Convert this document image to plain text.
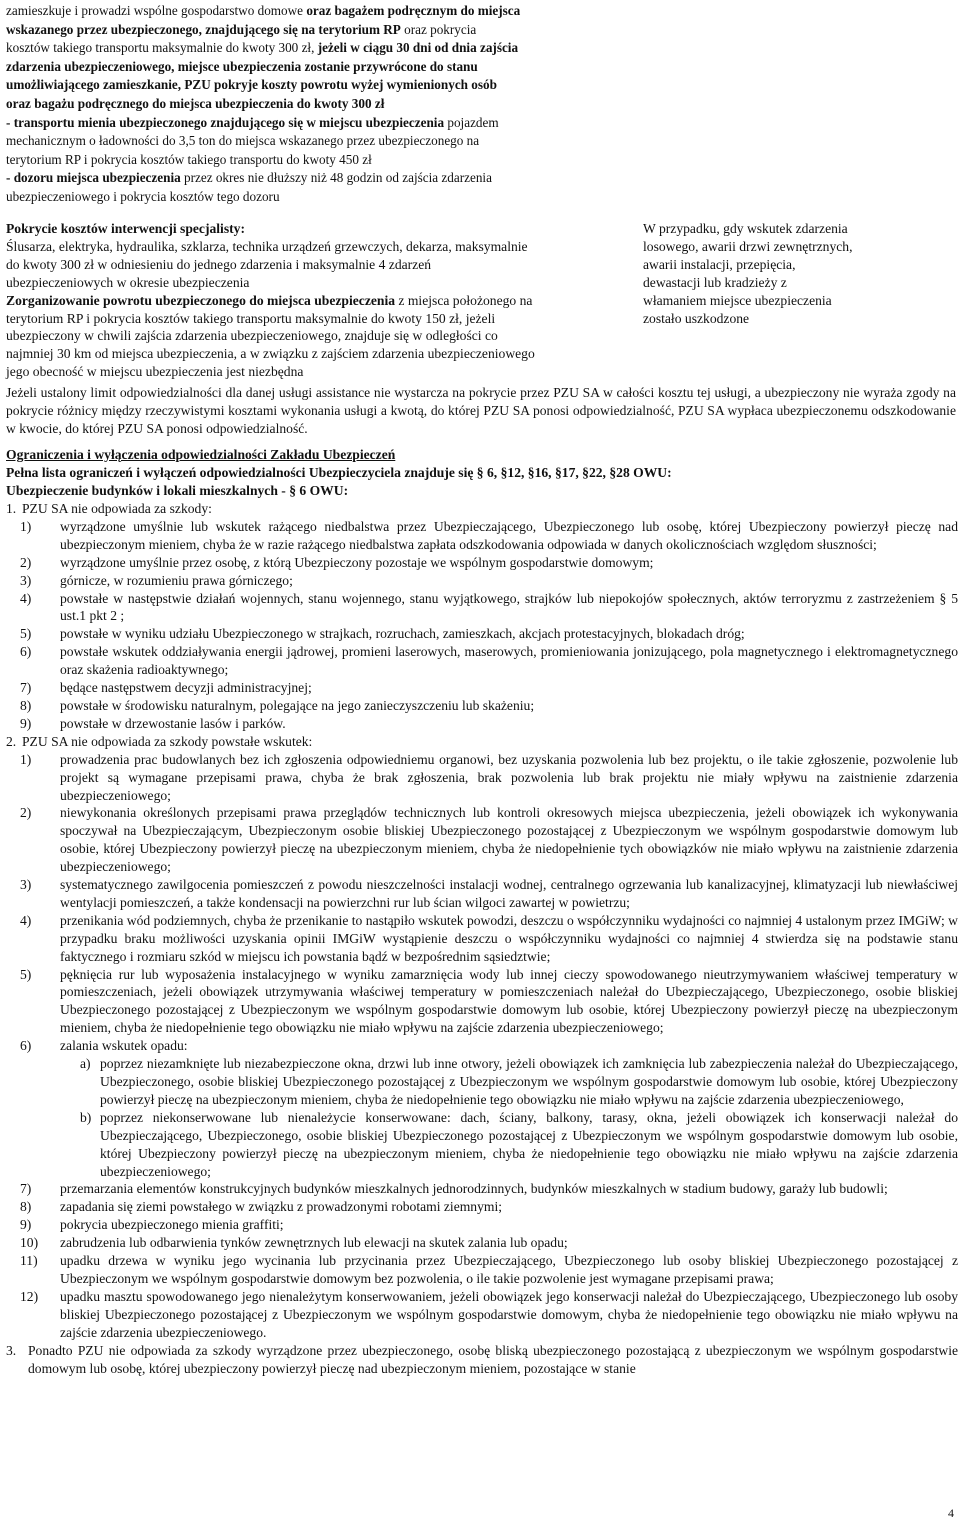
zamieszkuje i prowadzi wspólne gospodarstwo domowe oraz bagażem podręcznym do miejsca
wskazanego przez ubezpieczonego, znajdującego się na terytorium RP oraz pokrycia
kosztów takiego transportu maksymalnie do kwoty 300 zł, jeżeli w ciągu 30 dni od dnia zajścia
zdarzenia ubezpieczeniowego, miejsce ubezpieczenia zostanie przywrócone do stanu
umożliwiającego zamieszkanie, PZU pokryje koszty powrotu wyżej wymienionych osób
oraz bagażu podręcznego do miejsca ubezpieczenia do kwoty 300 zł
- transportu mienia ubezpieczonego znajdującego się w miejscu ubezpieczenia pojazdem
mechanicznym o ładowności do 3,5 ton do miejsca wskazanego przez ubezpieczonego na
terytorium RP i pokrycia kosztów takiego transportu do kwoty 450 zł
- dozoru miejsca ubezpieczenia przez okres nie dłuższy niż 48 godzin od zajścia zdarzenia
ubezpieczeniowego i pokrycia kosztów tego dozoru
Pokrycie kosztów interwencji specjalisty:
Ślusarza, elektryka, hydraulika, szklarza, technika urządzeń grzewczych, dekarza, maksymalnie
do kwoty 300 zł w odniesieniu do jednego zdarzenia i maksymalnie 4 zdarzeń
ubezpieczeniowych w okresie ubezpieczenia
Zorganizowanie powrotu ubezpieczonego do miejsca ubezpieczenia z miejsca położonego na
terytorium RP i pokrycia kosztów takiego transportu maksymalnie do kwoty 150 zł, jeżeli
ubezpieczony w chwili zajścia zdarzenia ubezpieczeniowego, znajduje się w odległości co
najmniej 30 km od miejsca ubezpieczenia, a w związku z zajściem zdarzenia ubezpieczeniowego
jego obecność w miejscu ubezpieczenia jest niezbędna
W przypadku, gdy wskutek zdarzenia
losowego, awarii drzwi zewnętrznych,
awarii instalacji, przepięcia,
dewastacji lub kradzieży z
włamaniem miejsce ubezpieczenia
zostało uszkodzone
Jeżeli ustalony limit odpowiedzialności dla danej usługi assistance nie wystarcza na pokrycie przez PZU SA w całości kosztu tej usługi, a ubezpieczony nie wyraża zgody na pokrycie różnicy między rzeczywistymi kosztami wykonania usługi a kwotą, do której PZU SA ponosi odpowiedzialność, PZU SA wypłaca ubezpieczonemu odszkodowanie w kwocie, do której PZU SA ponosi odpowiedzialność.
Ograniczenia i wyłączenia odpowiedzialności Zakładu Ubezpieczeń
Pełna lista ograniczeń i wyłączeń odpowiedzialności Ubezpieczyciela znajduje się § 6, §12, §16, §17, §22, §28 OWU:
Ubezpieczenie budynków i lokali mieszkalnych - § 6 OWU:
1. PZU SA nie odpowiada za szkody:
1)	wyrządzone umyślnie lub wskutek rażącego niedbalstwa przez Ubezpieczającego, Ubezpieczonego lub osobę, której Ubezpieczony powierzył pieczę nad ubezpieczonym mieniem, chyba że w razie rażącego niedbalstwa zapłata odszkodowania odpowiada w danych okolicznościach względom słuszności;
2)	wyrządzone umyślnie przez osobę, z którą Ubezpieczony pozostaje we wspólnym gospodarstwie domowym;
3)	górnicze, w rozumieniu prawa górniczego;
4)	powstałe w następstwie działań wojennych, stanu wojennego, stanu wyjątkowego, strajków lub niepokojów społecznych, aktów terroryzmu z zastrzeżeniem § 5 ust.1 pkt 2 ;
5)	powstałe w wyniku udziału Ubezpieczonego w strajkach, rozruchach, zamieszkach, akcjach protestacyjnych, blokadach dróg;
6)	powstałe wskutek oddziaływania energii jądrowej, promieni laserowych, maserowych, promieniowania jonizującego, pola magnetycznego i elektromagnetycznego oraz skażenia radioaktywnego;
7)	będące następstwem decyzji administracyjnej;
8)	powstałe w środowisku naturalnym, polegające na jego zanieczyszczeniu lub skażeniu;
9)	powstałe w drzewostanie lasów i parków.
2. PZU SA nie odpowiada za szkody powstałe wskutek:
1)	prowadzenia prac budowlanych bez ich zgłoszenia odpowiedniemu organowi, bez uzyskania pozwolenia lub bez projektu, o ile takie zgłoszenie, pozwolenie lub projekt są wymagane przepisami prawa, chyba że brak zgłoszenia, brak pozwolenia lub brak projektu nie miały wpływu na zaistnienie zdarzenia ubezpieczeniowego;
2)	niewykonania określonych przepisami prawa przeglądów technicznych lub kontroli okresowych miejsca ubezpieczenia, jeżeli obowiązek ich wykonywania spoczywał na Ubezpieczającym, Ubezpieczonym osobie bliskiej Ubezpieczonego pozostającej z Ubezpieczonym we wspólnym gospodarstwie domowym lub osobie, której Ubezpieczony powierzył pieczę na ubezpieczonym mieniem, chyba że niedopełnienie tych obowiązków nie miało wpływu na zaistnienie zdarzenia ubezpieczeniowego;
3)	systematycznego zawilgocenia pomieszczeń z powodu nieszczelności instalacji wodnej, centralnego ogrzewania lub kanalizacyjnej, klimatyzacji lub niewłaściwej wentylacji pomieszczeń, a także kondensacji na powierzchni rur lub ścian wilgoci zawartej w powietrzu;
4)	przenikania wód podziemnych, chyba że przenikanie to nastąpiło wskutek powodzi, deszczu o współczynniku wydajności co najmniej 4 ustalonym przez IMGiW; w przypadku braku możliwości uzyskania opinii IMGiW wystąpienie deszczu o współczynniku wydajności co najmniej 4 stwierdza się na podstawie stanu faktycznego i rozmiaru szkód w miejscu ich powstania bądź w bezpośrednim sąsiedztwie;
5)	pęknięcia rur lub wyposażenia instalacyjnego w wyniku zamarznięcia wody lub innej cieczy spowodowanego nieutrzymywaniem właściwej temperatury w pomieszczeniach, jeżeli obowiązek utrzymywania właściwej temperatury w pomieszczeniach należał do Ubezpieczającego, Ubezpieczonego, osobie bliskiej Ubezpieczonego pozostającej z Ubezpieczonym we wspólnym gospodarstwie domowym lub osobie, której Ubezpieczony powierzył pieczę na ubezpieczonym mieniem, chyba że niedopełnienie tego obowiązku nie miało wpływu na zajście zdarzenia ubezpieczeniowego;
6)	zalania wskutek opadu:
a) poprzez niezamknięte lub niezabezpieczone okna, drzwi lub inne otwory, jeżeli obowiązek ich zamknięcia lub zabezpieczenia należał do Ubezpieczającego, Ubezpieczonego, osobie bliskiej Ubezpieczonego pozostającej z Ubezpieczonym we wspólnym gospodarstwie domowym lub osobie, której Ubezpieczony powierzył pieczę na ubezpieczonym mieniem, chyba że niedopełnienie tego obowiązku nie miało wpływu na zajście zdarzenia ubezpieczeniowego,
b) poprzez niekonserwowane lub nienależycie konserwowane: dach, ściany, balkony, tarasy, okna, jeżeli obowiązek ich konserwacji należał do Ubezpieczającego, Ubezpieczonego, osobie bliskiej Ubezpieczonego pozostającej z Ubezpieczonym we wspólnym gospodarstwie domowym lub osobie, której Ubezpieczony powierzył pieczę na ubezpieczonym mieniem, chyba że niedopełnienie tego obowiązku nie miało wpływu na zajście zdarzenia ubezpieczeniowego;
7)	przemarzania elementów konstrukcyjnych budynków mieszkalnych jednorodzinnych, budynków mieszkalnych w stadium budowy, garaży lub budowli;
8)	zapadania się ziemi powstałego w związku z prowadzonymi robotami ziemnymi;
9)	pokrycia ubezpieczonego mienia graffiti;
10)	zabrudzenia lub odbarwienia tynków zewnętrznych lub elewacji na skutek zalania lub opadu;
11)	upadku drzewa w wyniku jego wycinania lub przycinania przez Ubezpieczającego, Ubezpieczonego lub osoby bliskiej Ubezpieczonego pozostającej z Ubezpieczonym we wspólnym gospodarstwie domowym bez pozwolenia, o ile takie pozwolenie jest wymagane przepisami prawa;
12)	upadku masztu spowodowanego jego nienależytym konserwowaniem, jeżeli obowiązek jego konserwacji należał do Ubezpieczającego, Ubezpieczonego lub osoby bliskiej Ubezpieczonego pozostającej z Ubezpieczonym we wspólnym gospodarstwie domowym, chyba że niedopełnienie tego obowiązku nie miało wpływu na zajście zdarzenia ubezpieczeniowego.
3. Ponadto PZU nie odpowiada za szkody wyrządzone przez ubezpieczonego, osobę bliską ubezpieczonego pozostającą z ubezpieczonym we wspólnym gospodarstwie domowym lub osobę, której ubezpieczony powierzył pieczę nad ubezpieczonym mieniem, pozostające w stanie
4
